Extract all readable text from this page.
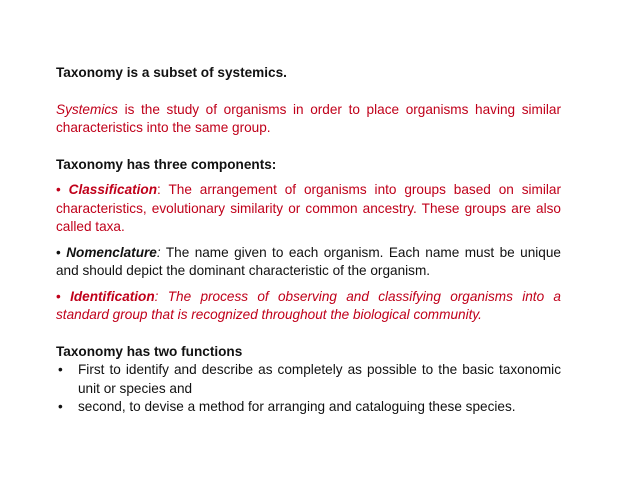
Taxonomy is a subset of systemics.

Systemics is the study of organisms in order to place organisms having similar characteristics into the same group.

Taxonomy has three components:

• Classification: The arrangement of organisms into groups based on similar characteristics, evolutionary similarity or common ancestry. These groups are also called taxa.

• Nomenclature: The name given to each organism. Each name must be unique and should depict the dominant characteristic of the organism.

• Identification: The process of observing and classifying organisms into a standard group that is recognized throughout the biological community.

Taxonomy has two functions

• First to identify and describe as completely as possible to the basic taxonomic unit or species and
• second, to devise a method for arranging and cataloguing these species.
